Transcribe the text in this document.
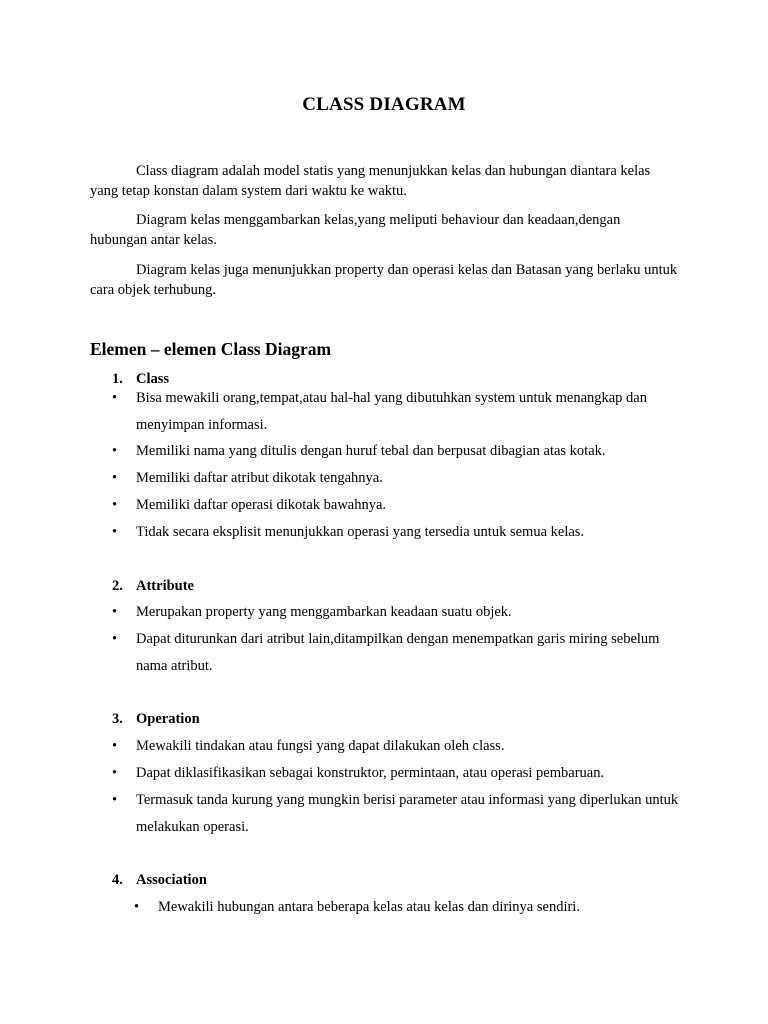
CLASS DIAGRAM
Class diagram adalah model statis yang menunjukkan kelas dan hubungan diantara kelas yang tetap konstan dalam system dari waktu ke waktu.
Diagram kelas menggambarkan kelas,yang meliputi behaviour dan keadaan,dengan hubungan antar kelas.
Diagram kelas juga menunjukkan property dan operasi kelas dan Batasan yang berlaku untuk cara objek terhubung.
Elemen – elemen Class Diagram
1. Class
• Bisa mewakili orang,tempat,atau hal-hal yang dibutuhkan system untuk menangkap dan menyimpan informasi.
• Memiliki nama yang ditulis dengan huruf tebal dan berpusat dibagian atas kotak.
• Memiliki daftar atribut dikotak tengahnya.
• Memiliki daftar operasi dikotak bawahnya.
• Tidak secara eksplisit menunjukkan operasi yang tersedia untuk semua kelas.
2. Attribute
• Merupakan property yang menggambarkan keadaan suatu objek.
• Dapat diturunkan dari atribut lain,ditampilkan dengan menempatkan garis miring sebelum nama atribut.
3. Operation
• Mewakili tindakan atau fungsi yang dapat dilakukan oleh class.
• Dapat diklasifikasikan sebagai konstruktor, permintaan, atau operasi pembaruan.
• Termasuk tanda kurung yang mungkin berisi parameter atau informasi yang diperlukan untuk melakukan operasi.
4. Association
• Mewakili hubungan antara beberapa kelas atau kelas dan dirinya sendiri.
